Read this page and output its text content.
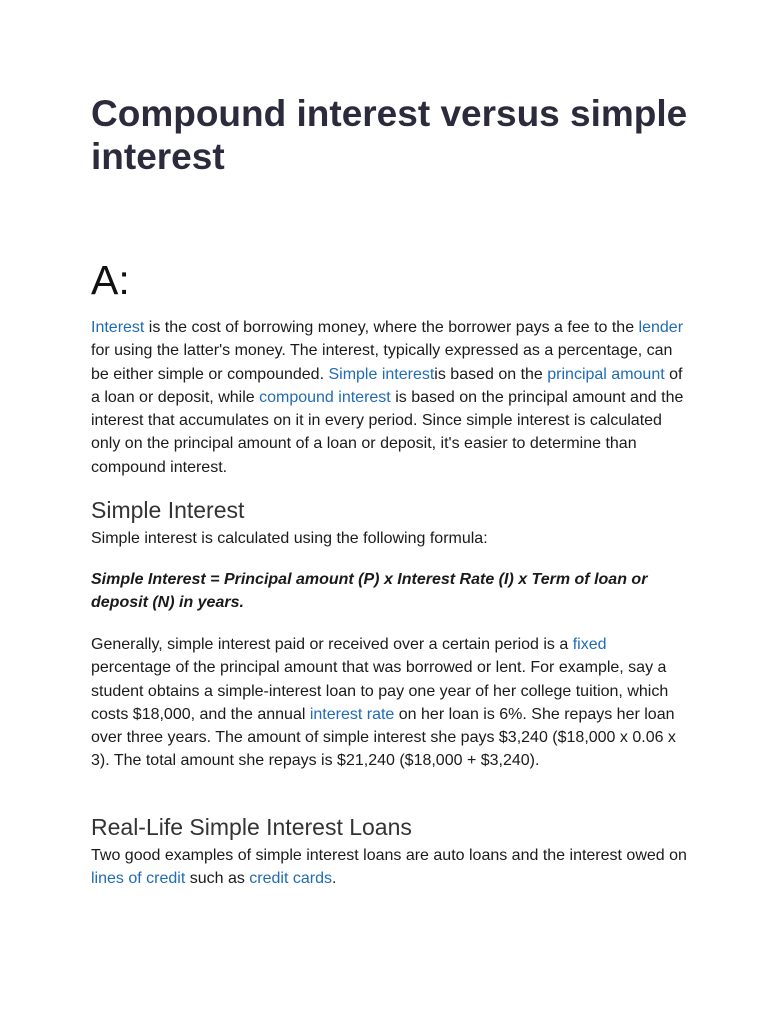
Compound interest versus simple interest
A:

Interest is the cost of borrowing money, where the borrower pays a fee to the lender for using the latter's money. The interest, typically expressed as a percentage, can be either simple or compounded. Simple interestis based on the principal amount of a loan or deposit, while compound interest is based on the principal amount and the interest that accumulates on it in every period. Since simple interest is calculated only on the principal amount of a loan or deposit, it's easier to determine than compound interest.

Simple Interest

Simple interest is calculated using the following formula:

Simple Interest = Principal amount (P) x Interest Rate (I) x Term of loan or deposit (N) in years.

Generally, simple interest paid or received over a certain period is a fixed percentage of the principal amount that was borrowed or lent. For example, say a student obtains a simple-interest loan to pay one year of her college tuition, which costs $18,000, and the annual interest rate on her loan is 6%. She repays her loan over three years. The amount of simple interest she pays $3,240 ($18,000 x 0.06 x 3). The total amount she repays is $21,240 ($18,000 + $3,240).

Real-Life Simple Interest Loans

Two good examples of simple interest loans are auto loans and the interest owed on lines of credit such as credit cards.
